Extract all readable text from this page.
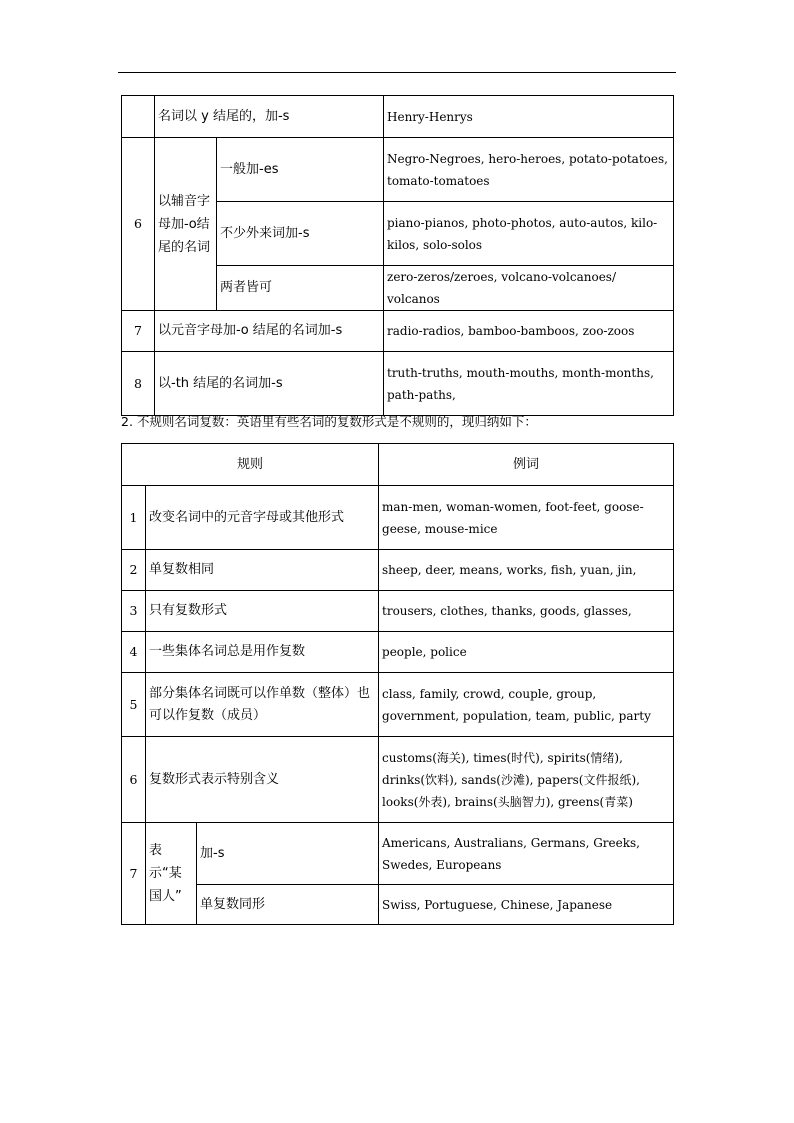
	名词以 y 结尾的，加-s		Henry-Henrys
6	以辅音字母加-o结尾的名词	一般加-es	Negro-Negroes, hero-heroes, potato-potatoes, tomato-tomatoes
		不少外来词加-s	piano-pianos, photo-photos, auto-autos, kilo-kilos, solo-solos
		两者皆可	zero-zeros/zeroes, volcano-volcanoes/ volcanos
7	以元音字母加-o 结尾的名词加-s		radio-radios, bamboo-bamboos, zoo-zoos
8	以-th 结尾的名词加-s		truth-truths, mouth-mouths, month-months, path-paths,
2. 不规则名词复数：英语里有些名词的复数形式是不规则的，现归纳如下：
规则			例词
1	改变名词中的元音字母或其他形式		man-men, woman-women, foot-feet, goose-geese, mouse-mice
2	单复数相同		sheep, deer, means, works, fish, yuan, jin,
3	只有复数形式		trousers, clothes, thanks, goods, glasses,
4	一些集体名词总是用作复数		people, police
5	部分集体名词既可以作单数（整体）也可以作复数（成员）		class, family, crowd, couple, group, government, population, team, public, party
6	复数形式表示特别含义		customs(海关), times(时代), spirits(情绪), drinks(饮料), sands(沙滩), papers(文件报纸), looks(外表), brains(头脑智力), greens(青菜)
7	表示“某国人”	加-s	Americans, Australians, Germans, Greeks, Swedes, Europeans
		单复数同形	Swiss, Portuguese, Chinese, Japanese
